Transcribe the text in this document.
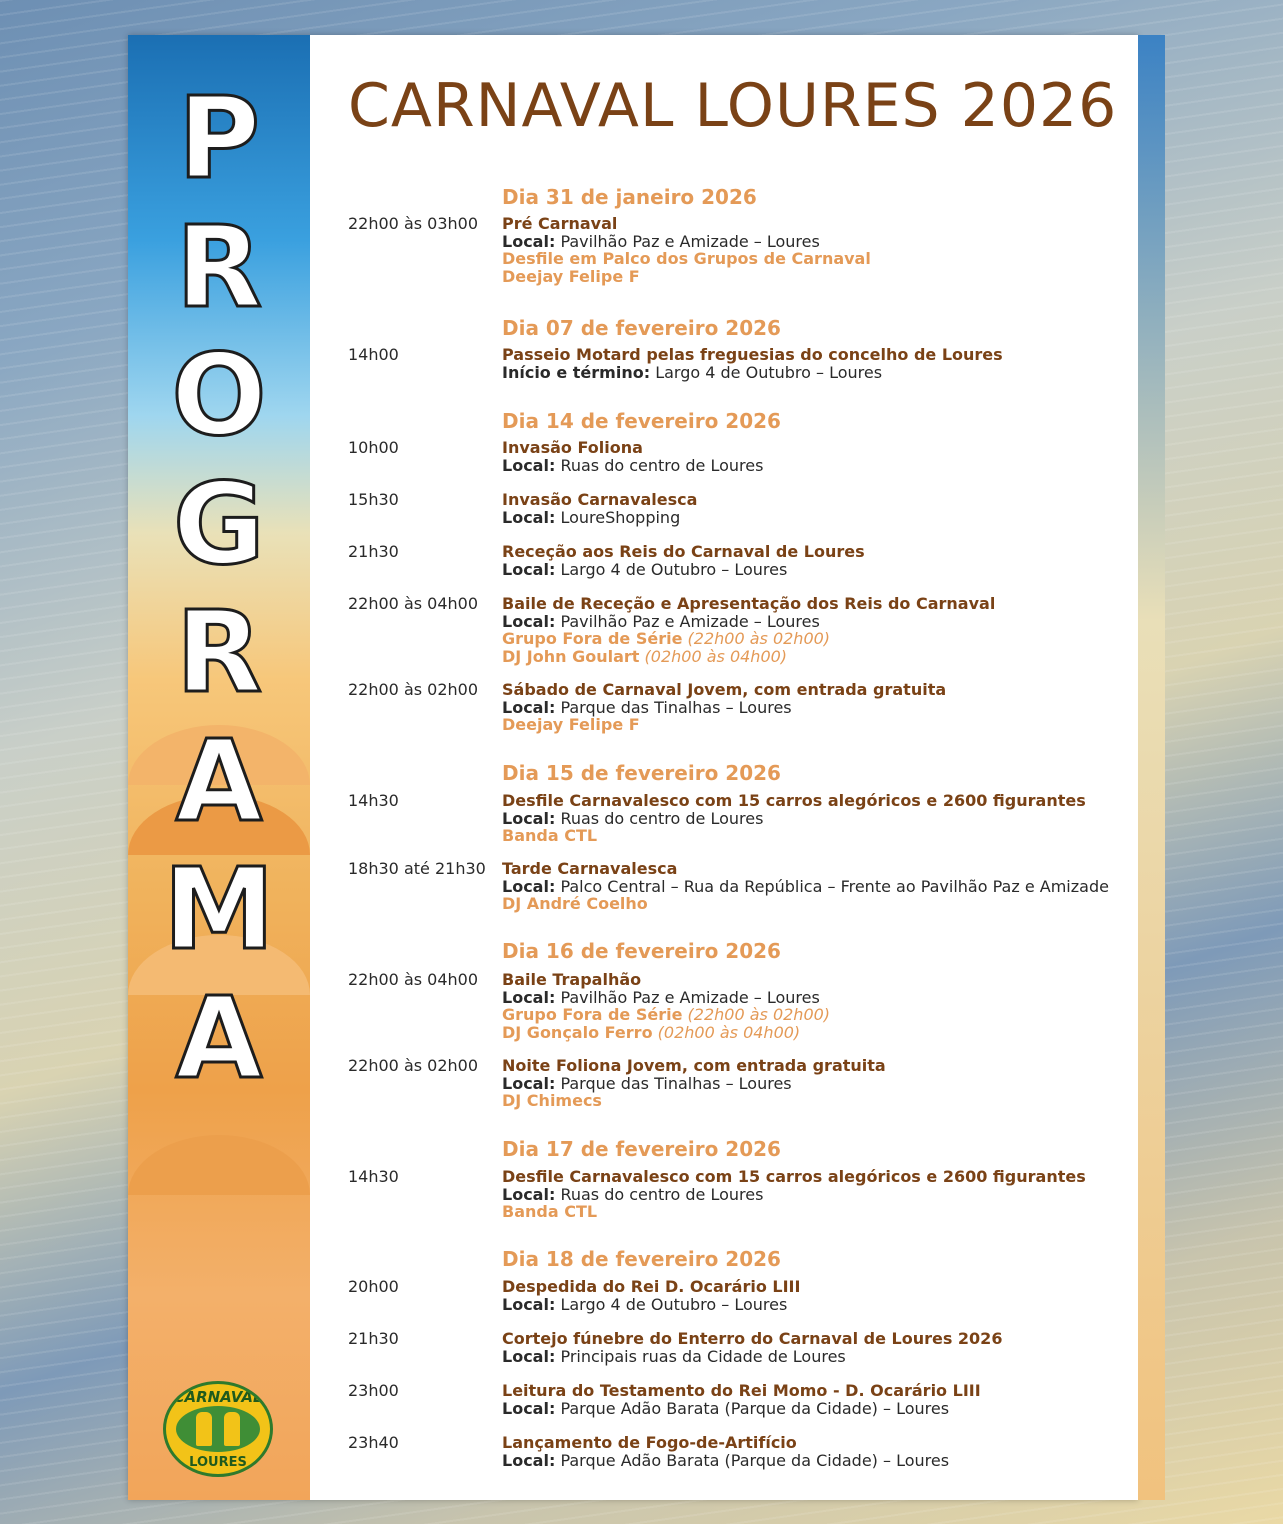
P
R
O
G
R
A
M
A
CARNAVAL
LOURES
CARNAVAL LOURES 2026
Dia 31 de janeiro 2026
22h00 às 03h00 Pré Carnaval
Local: Pavilhão Paz e Amizade – Loures
Desfile em Palco dos Grupos de Carnaval
Deejay Felipe F
Dia 07 de fevereiro 2026
14h00	Passeio Motard pelas freguesias do concelho de Loures
Início e término: Largo 4 de Outubro – Loures
Dia 14 de fevereiro 2026
10h00	Invasão Foliona
Local: Ruas do centro de Loures
15h30	Invasão Carnavalesca
Local: LoureShopping
21h30	Receção aos Reis do Carnaval de Loures
Local: Largo 4 de Outubro – Loures
22h00 às 04h00 Baile de Receção e Apresentação dos Reis do Carnaval
Local: Pavilhão Paz e Amizade – Loures
Grupo Fora de Série (22h00 às 02h00)
DJ John Goulart (02h00 às 04h00)
22h00 às 02h00 Sábado de Carnaval Jovem, com entrada gratuita
Local: Parque das Tinalhas – Loures
Deejay Felipe F
Dia 15 de fevereiro 2026
14h30	Desfile Carnavalesco com 15 carros alegóricos e 2600 figurantes
Local: Ruas do centro de Loures
Banda CTL
18h30 até 21h30 Tarde Carnavalesca
Local: Palco Central – Rua da República – Frente ao Pavilhão Paz e Amizade
DJ André Coelho
Dia 16 de fevereiro 2026
22h00 às 04h00 Baile Trapalhão
Local: Pavilhão Paz e Amizade – Loures
Grupo Fora de Série (22h00 às 02h00)
DJ Gonçalo Ferro (02h00 às 04h00)
22h00 às 02h00 Noite Foliona Jovem, com entrada gratuita
Local: Parque das Tinalhas – Loures
DJ Chimecs
Dia 17 de fevereiro 2026
14h30	Desfile Carnavalesco com 15 carros alegóricos e 2600 figurantes
Local: Ruas do centro de Loures
Banda CTL
Dia 18 de fevereiro 2026
20h00	Despedida do Rei D. Ocarário LIII
Local: Largo 4 de Outubro – Loures
21h30	Cortejo fúnebre do Enterro do Carnaval de Loures 2026
Local: Principais ruas da Cidade de Loures
23h00	Leitura do Testamento do Rei Momo - D. Ocarário LIII
Local: Parque Adão Barata (Parque da Cidade) – Loures
23h40	Lançamento de Fogo-de-Artifício
Local: Parque Adão Barata (Parque da Cidade) – Loures
